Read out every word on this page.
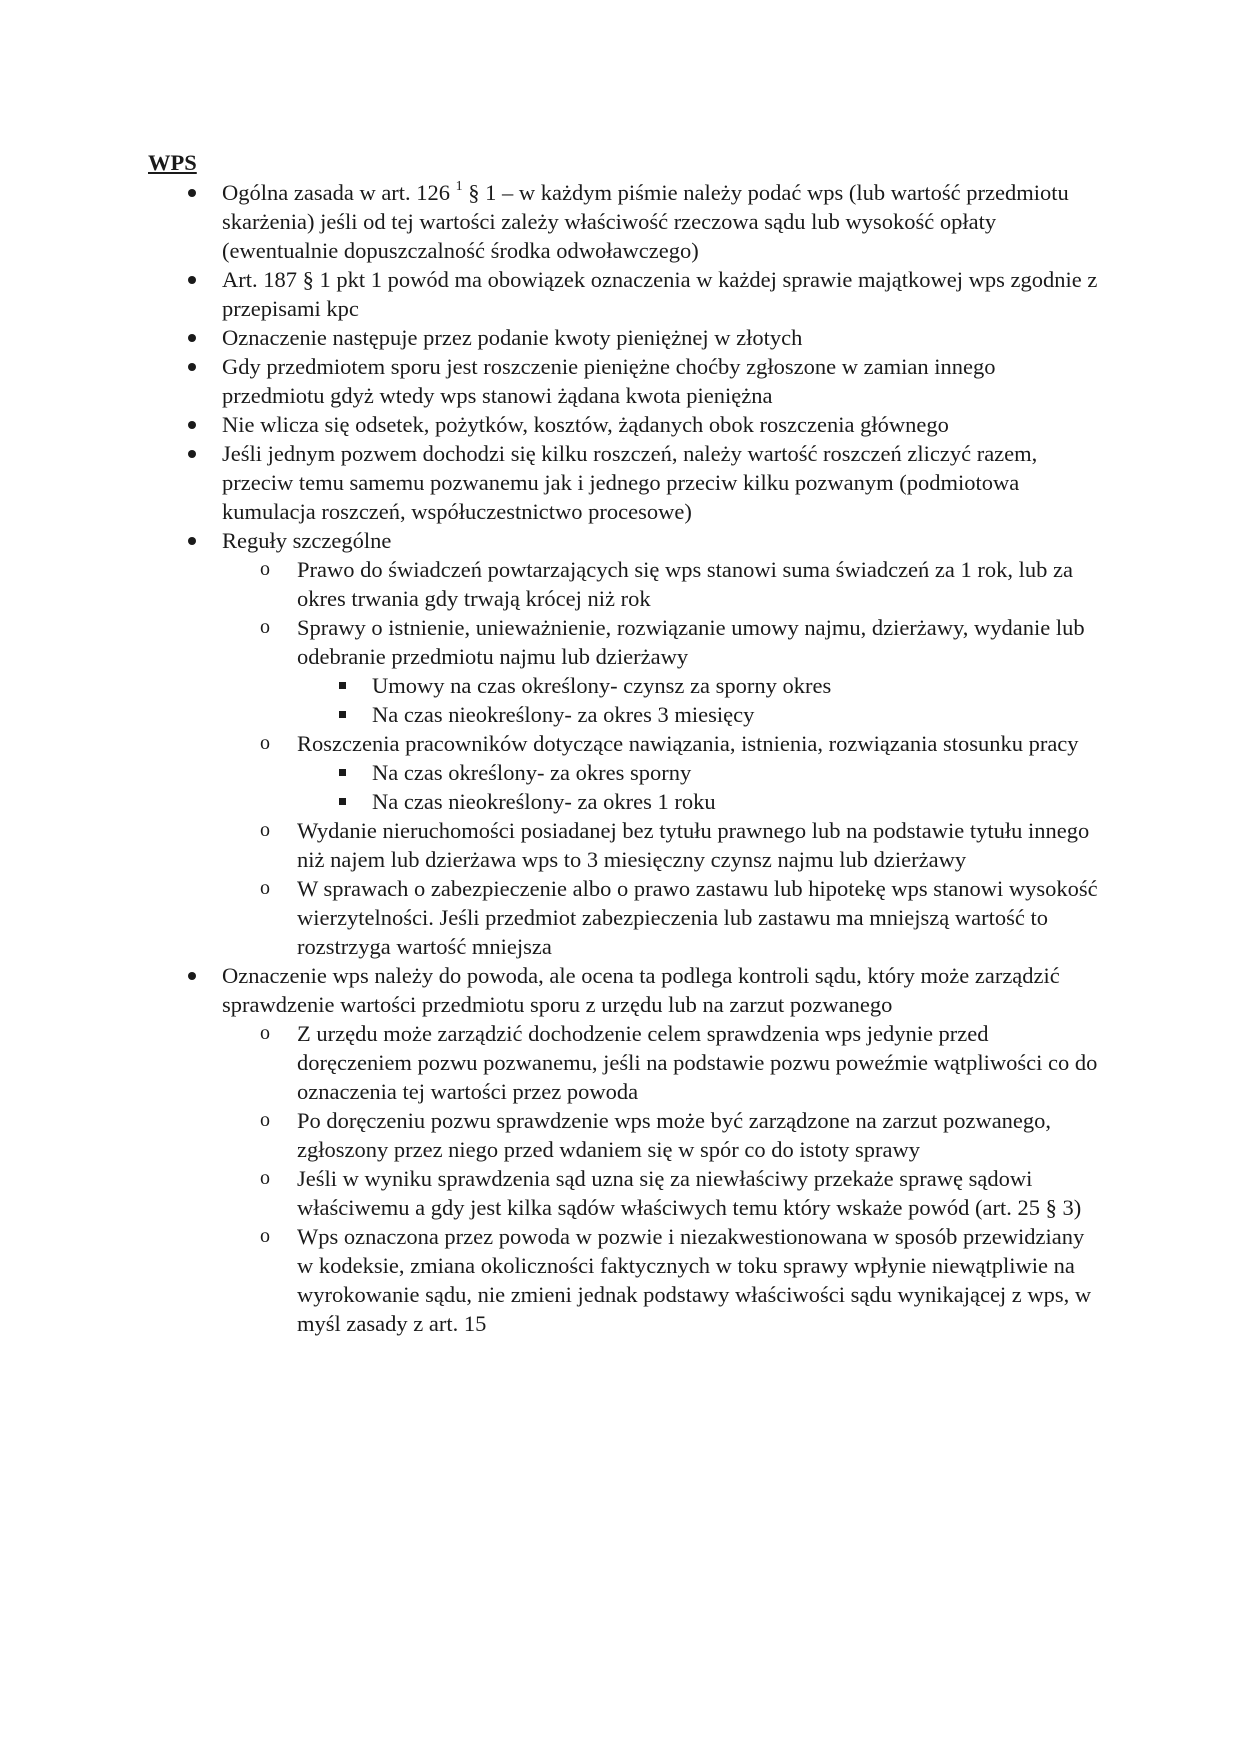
WPS
Ogólna zasada w art. 126 $^1$ § 1 – w każdym piśmie należy podać wps (lub wartość przedmiotu skarżenia) jeśli od tej wartości zależy właściwość rzeczowa sądu lub wysokość opłaty (ewentualnie dopuszczalność środka odwoławczego)
Art. 187 § 1 pkt 1 powód ma obowiązek oznaczenia w każdej sprawie majątkowej wps zgodnie z przepisami kpc
Oznaczenie następuje przez podanie kwoty pieniężnej w złotych
Gdy przedmiotem sporu jest roszczenie pieniężne choćby zgłoszone w zamian innego przedmiotu gdyż wtedy wps stanowi żądana kwota pieniężna
Nie wlicza się odsetek, pożytków, kosztów, żądanych obok roszczenia głównego
Jeśli jednym pozwem dochodzi się kilku roszczeń, należy wartość roszczeń zliczyć razem, przeciw temu samemu pozwanemu jak i jednego przeciw kilku pozwanym (podmiotowa kumulacja roszczeń, współuczestnictwo procesowe)
Reguły szczególne
o Prawo do świadczeń powtarzających się wps stanowi suma świadczeń za 1 rok, lub za okres trwania gdy trwają krócej niż rok
o Sprawy o istnienie, unieważnienie, rozwiązanie umowy najmu, dzierżawy, wydanie lub odebranie przedmiotu najmu lub dzierżawy
Umowy na czas określony- czynsz za sporny okres
Na czas nieokreślony- za okres 3 miesięcy
o Roszczenia pracowników dotyczące nawiązania, istnienia, rozwiązania stosunku pracy
Na czas określony- za okres sporny
Na czas nieokreślony- za okres 1 roku
o Wydanie nieruchomości posiadanej bez tytułu prawnego lub na podstawie tytułu innego niż najem lub dzierżawa wps to 3 miesięczny czynsz najmu lub dzierżawy
o W sprawach o zabezpieczenie albo o prawo zastawu lub hipotekę wps stanowi wysokość wierzytelności. Jeśli przedmiot zabezpieczenia lub zastawu ma mniejszą wartość to rozstrzyga wartość mniejsza
Oznaczenie wps należy do powoda, ale ocena ta podlega kontroli sądu, który może zarządzić sprawdzenie wartości przedmiotu sporu z urzędu lub na zarzut pozwanego
o Z urzędu może zarządzić dochodzenie celem sprawdzenia wps jedynie przed doręczeniem pozwu pozwanemu, jeśli na podstawie pozwu poweźmie wątpliwości co do oznaczenia tej wartości przez powoda
o Po doręczeniu pozwu sprawdzenie wps może być zarządzone na zarzut pozwanego, zgłoszony przez niego przed wdaniem się w spór co do istoty sprawy
o Jeśli w wyniku sprawdzenia sąd uzna się za niewłaściwy przekaże sprawę sądowi właściwemu a gdy jest kilka sądów właściwych temu który wskaże powód (art. 25 § 3)
o Wps oznaczona przez powoda w pozwie i niezakwestionowana w sposób przewidziany w kodeksie, zmiana okoliczności faktycznych w toku sprawy wpłynie niewątpliwie na wyrokowanie sądu, nie zmieni jednak podstawy właściwości sądu wynikającej z wps, w myśl zasady z art. 15
